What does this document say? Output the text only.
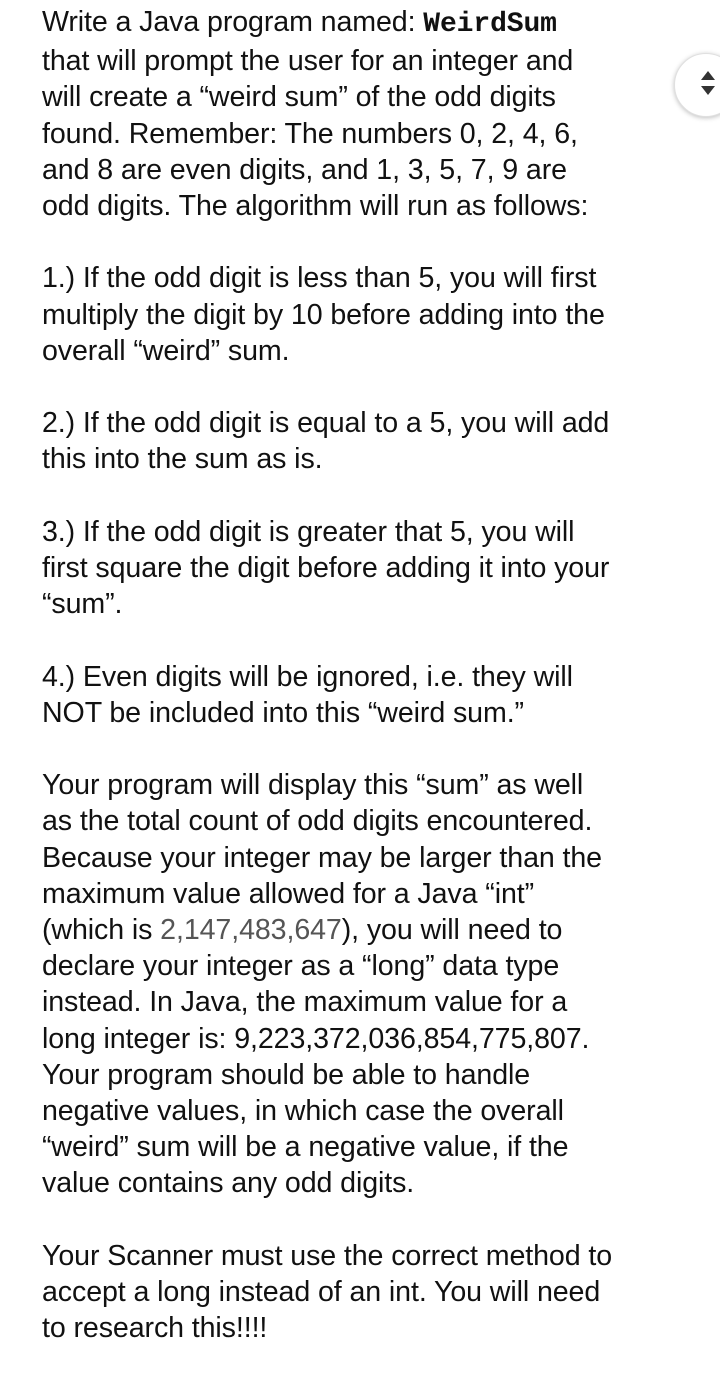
Write a Java program named: WeirdSum
that will prompt the user for an integer and
will create a “weird sum” of the odd digits
found. Remember: The numbers 0, 2, 4, 6,
and 8 are even digits, and 1, 3, 5, 7, 9 are
odd digits. The algorithm will run as follows:
1.) If the odd digit is less than 5, you will first
multiply the digit by 10 before adding into the
overall “weird” sum.
2.) If the odd digit is equal to a 5, you will add
this into the sum as is.
3.) If the odd digit is greater that 5, you will
first square the digit before adding it into your
“sum”.
4.) Even digits will be ignored, i.e. they will
NOT be included into this “weird sum.”
Your program will display this “sum” as well
as the total count of odd digits encountered.
Because your integer may be larger than the
maximum value allowed for a Java “int”
(which is 2,147,483,647), you will need to
declare your integer as a “long” data type
instead. In Java, the maximum value for a
long integer is: 9,223,372,036,854,775,807.
Your program should be able to handle
negative values, in which case the overall
“weird” sum will be a negative value, if the
value contains any odd digits.
Your Scanner must use the correct method to
accept a long instead of an int. You will need
to research this!!!!
